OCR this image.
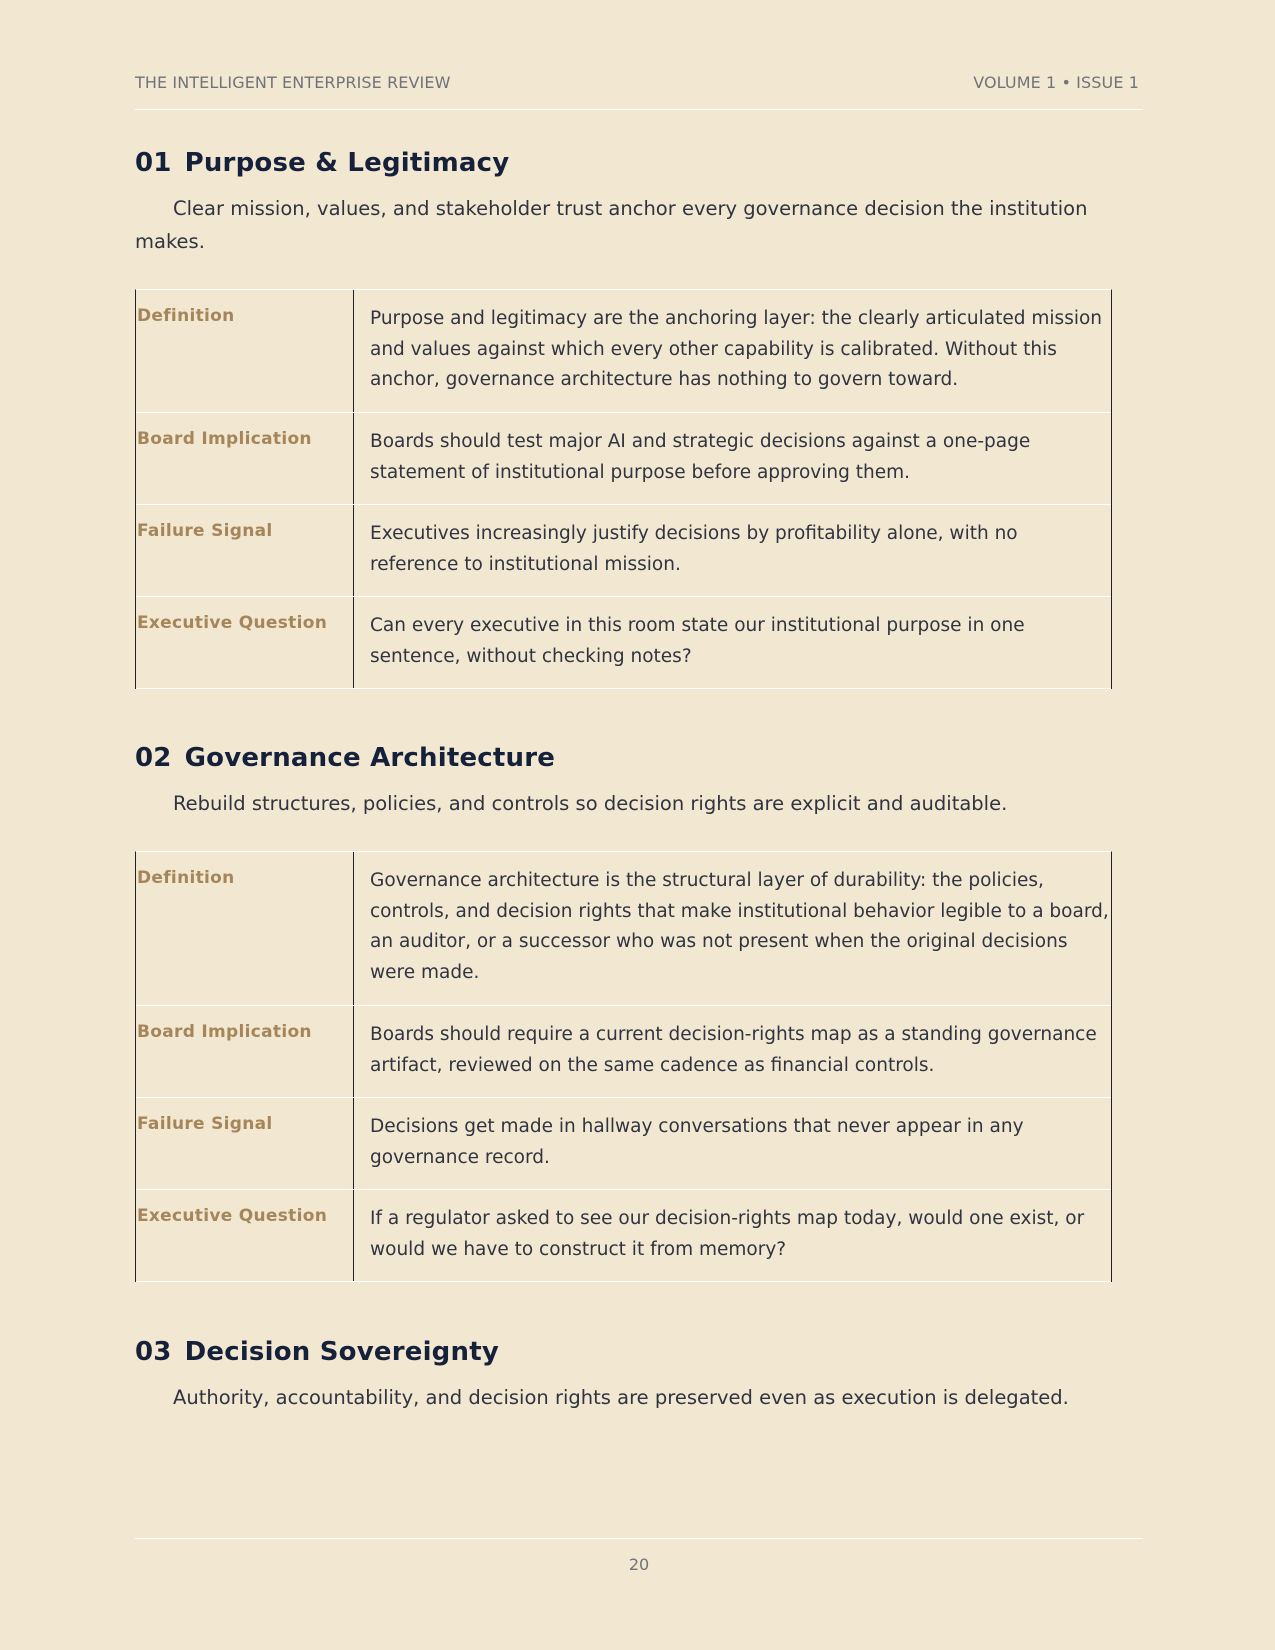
THE INTELLIGENT ENTERPRISE REVIEW	VOLUME 1 • ISSUE 1
01 Purpose & Legitimacy

Clear mission, values, and stakeholder trust anchor every governance decision the institution makes.

Definition	Purpose and legitimacy are the anchoring layer: the clearly articulated mission and values against which every other capability is calibrated. Without this anchor, governance architecture has nothing to govern toward.
Board Implication	Boards should test major AI and strategic decisions against a one-page statement of institutional purpose before approving them.
Failure Signal	Executives increasingly justify decisions by profitability alone, with no reference to institutional mission.
Executive Question	Can every executive in this room state our institutional purpose in one sentence, without checking notes?
02 Governance Architecture

Rebuild structures, policies, and controls so decision rights are explicit and auditable.

Definition	Governance architecture is the structural layer of durability: the policies, controls, and decision rights that make institutional behavior legible to a board, an auditor, or a successor who was not present when the original decisions were made.
Board Implication	Boards should require a current decision-rights map as a standing governance artifact, reviewed on the same cadence as financial controls.
Failure Signal	Decisions get made in hallway conversations that never appear in any governance record.
Executive Question	If a regulator asked to see our decision-rights map today, would one exist, or would we have to construct it from memory?
03 Decision Sovereignty

Authority, accountability, and decision rights are preserved even as execution is delegated.

20
